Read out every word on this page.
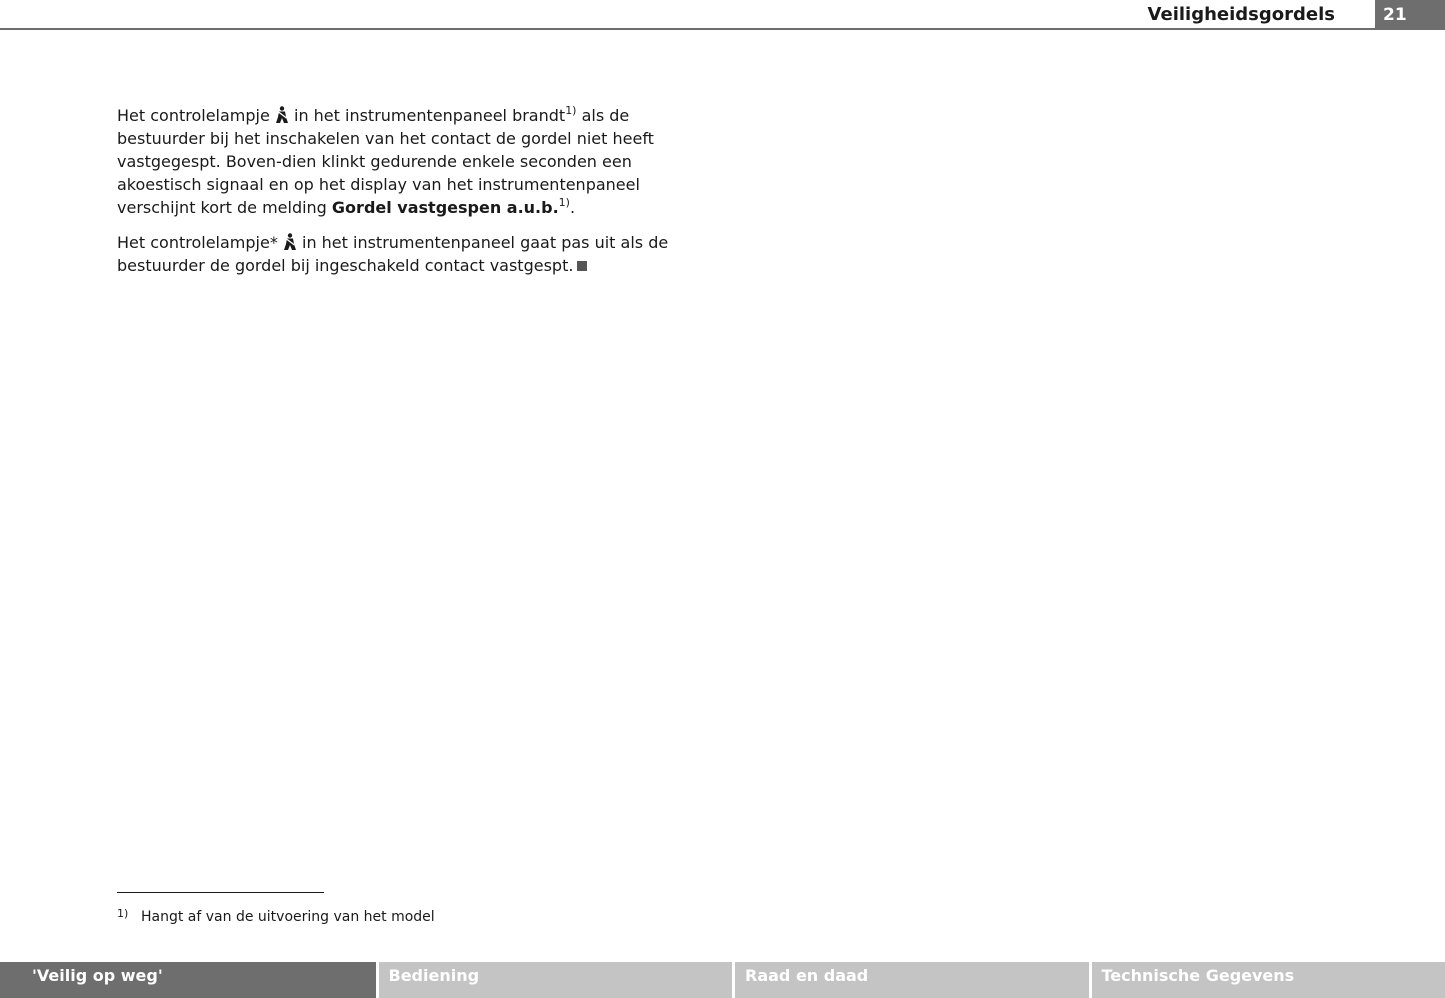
Veiligheidsgordels	21

Het controlelampje  in het instrumentenpaneel brandt$^{1)}$ als de bestuurder bij het inschakelen van het contact de gordel niet heeft vastgegespt. Boven-dien klinkt gedurende enkele seconden een akoestisch signaal en op het display van het instrumentenpaneel verschijnt kort de melding Gordel vastgespen a.u.b.$^{1)}$.

Het controlelampje*  in het instrumentenpaneel gaat pas uit als de bestuurder de gordel bij ingeschakeld contact vastgespt.

1) Hangt af van de uitvoering van het model
'Veilig op weg'	Bediening	Raad en daad	Technische Gegevens
